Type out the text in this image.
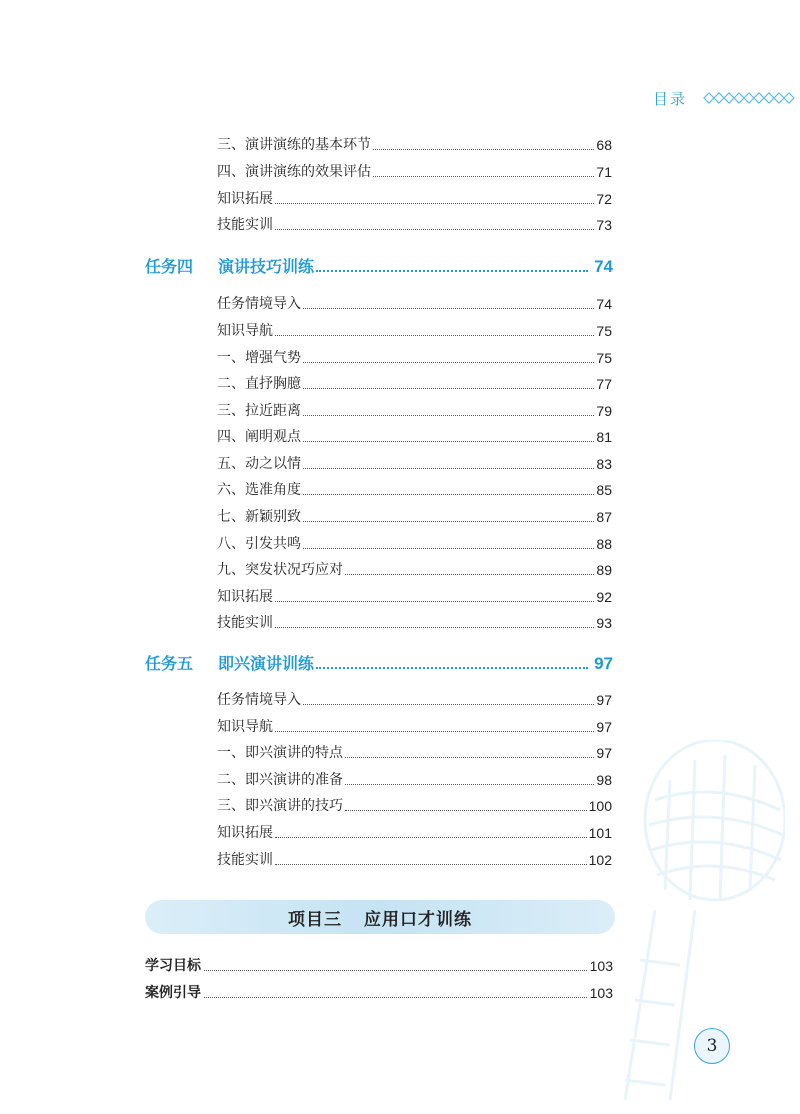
目录
三、演讲演练的基本环节	68
四、演讲演练的效果评估	71
知识拓展	72
技能实训	73
任务四	演讲技巧训练	74
任务情境导入	74
知识导航	75
一、增强气势	75
二、直抒胸臆	77
三、拉近距离	79
四、阐明观点	81
五、动之以情	83
六、选准角度	85
七、新颖别致	87
八、引发共鸣	88
九、突发状况巧应对	89
知识拓展	92
技能实训	93
任务五	即兴演讲训练	97
任务情境导入	97
知识导航	97
一、即兴演讲的特点	97
二、即兴演讲的准备	98
三、即兴演讲的技巧	100
知识拓展	101
技能实训	102
项目三 应用口才训练
学习目标	103
案例引导	103
3
